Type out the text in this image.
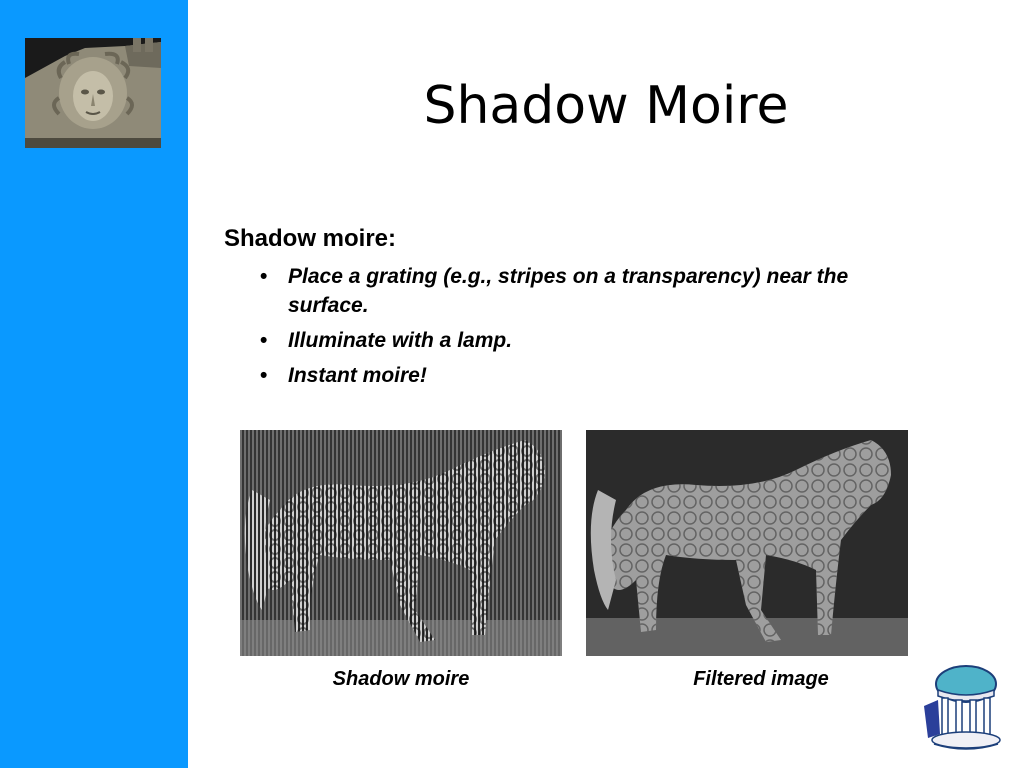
Shadow Moire
Shadow moire:
• Place a grating (e.g., stripes on a transparency) near the surface.
• Illuminate with a lamp.
• Instant moire!
Shadow moire	Filtered image
